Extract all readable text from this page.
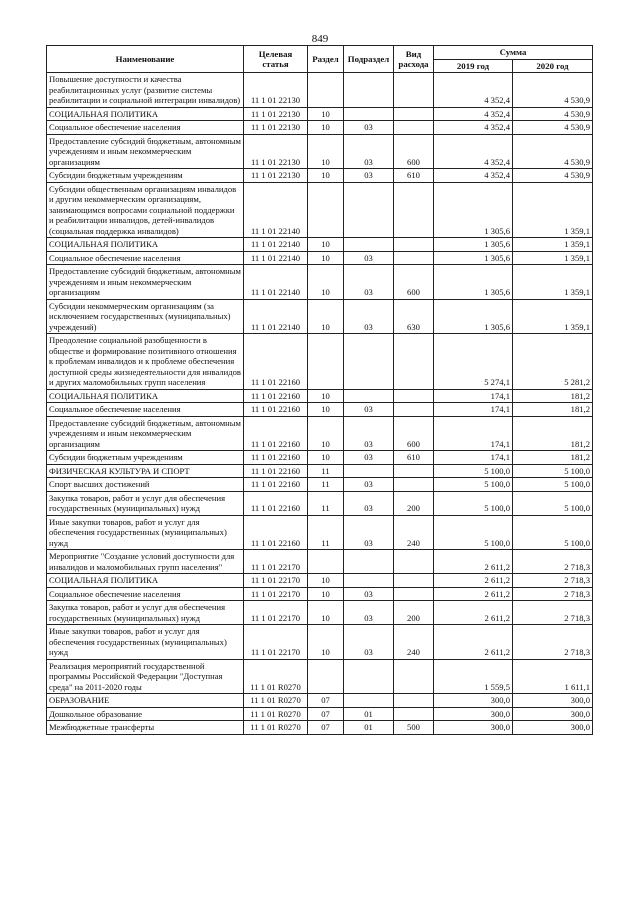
849
Наименование	Целевая статья	Раздел	Подраздел	Вид расхода	Сумма	
					2019 год	2020 год
Повышение доступности и качества реабилитационных услуг (развитие системы реабилитации и социальной интеграции инвалидов)	11 1 01 22130				4 352,4	4 530,9
СОЦИАЛЬНАЯ ПОЛИТИКА	11 1 01 22130	10			4 352,4	4 530,9
Социальное обеспечение населения	11 1 01 22130	10	03		4 352,4	4 530,9
Предоставление субсидий бюджетным, автономным учреждениям и иным некоммерческим организациям	11 1 01 22130	10	03	600	4 352,4	4 530,9
Субсидии бюджетным учреждениям	11 1 01 22130	10	03	610	4 352,4	4 530,9
Субсидии общественным организациям инвалидов и другим некоммерческим организациям, занимающимся вопросами социальной поддержки и реабилитации инвалидов, детей-инвалидов (социальная поддержка инвалидов)	11 1 01 22140				1 305,6	1 359,1
СОЦИАЛЬНАЯ ПОЛИТИКА	11 1 01 22140	10			1 305,6	1 359,1
Социальное обеспечение населения	11 1 01 22140	10	03		1 305,6	1 359,1
Предоставление субсидий бюджетным, автономным учреждениям и иным некоммерческим организациям	11 1 01 22140	10	03	600	1 305,6	1 359,1
Субсидии некоммерческим организациям (за исключением государственных (муниципальных) учреждений)	11 1 01 22140	10	03	630	1 305,6	1 359,1
Преодоление социальной разобщенности в обществе и формирование позитивного отношения к проблемам инвалидов и к проблеме обеспечения доступной среды жизнедеятельности для инвалидов и других маломобильных групп населения	11 1 01 22160				5 274,1	5 281,2
СОЦИАЛЬНАЯ ПОЛИТИКА	11 1 01 22160	10			174,1	181,2
Социальное обеспечение населения	11 1 01 22160	10	03		174,1	181,2
Предоставление субсидий бюджетным, автономным учреждениям и иным некоммерческим организациям	11 1 01 22160	10	03	600	174,1	181,2
Субсидии бюджетным учреждениям	11 1 01 22160	10	03	610	174,1	181,2
ФИЗИЧЕСКАЯ КУЛЬТУРА И СПОРТ	11 1 01 22160	11			5 100,0	5 100,0
Спорт высших достижений	11 1 01 22160	11	03		5 100,0	5 100,0
Закупка товаров, работ и услуг для обеспечения государственных (муниципальных) нужд	11 1 01 22160	11	03	200	5 100,0	5 100,0
Иные закупки товаров, работ и услуг для обеспечения государственных (муниципальных) нужд	11 1 01 22160	11	03	240	5 100,0	5 100,0
Мероприятие "Создание условий доступности для инвалидов и маломобильных групп населения"	11 1 01 22170				2 611,2	2 718,3
СОЦИАЛЬНАЯ ПОЛИТИКА	11 1 01 22170	10			2 611,2	2 718,3
Социальное обеспечение населения	11 1 01 22170	10	03		2 611,2	2 718,3
Закупка товаров, работ и услуг для обеспечения государственных (муниципальных) нужд	11 1 01 22170	10	03	200	2 611,2	2 718,3
Иные закупки товаров, работ и услуг для обеспечения государственных (муниципальных) нужд	11 1 01 22170	10	03	240	2 611,2	2 718,3
Реализация мероприятий государственной программы Российской Федерации "Доступная среда" на 2011-2020 годы	11 1 01 R0270				1 559,5	1 611,1
ОБРАЗОВАНИЕ	11 1 01 R0270	07			300,0	300,0
Дошкольное образование	11 1 01 R0270	07	01		300,0	300,0
Межбюджетные трансферты	11 1 01 R0270	07	01	500	300,0	300,0
